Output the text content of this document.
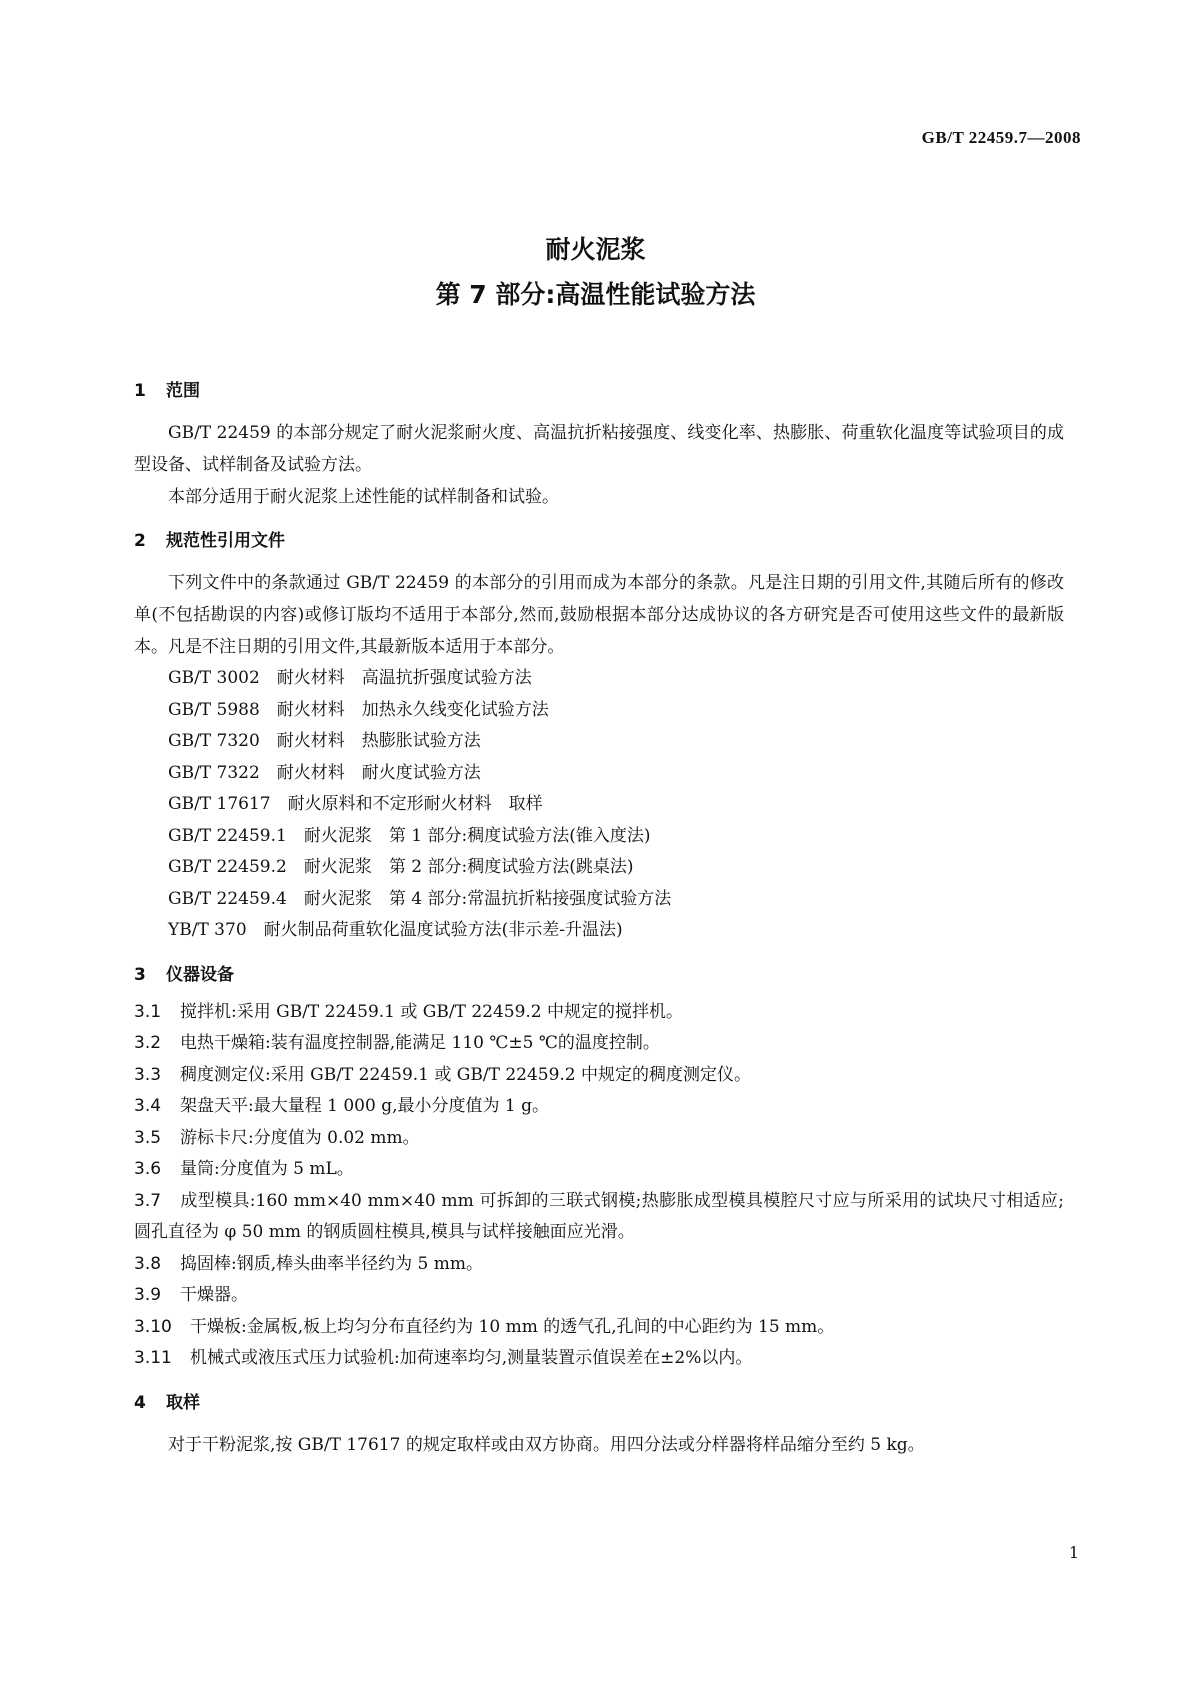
GB/T 22459.7—2008
耐火泥浆
第 7 部分:高温性能试验方法
1 范围
GB/T 22459 的本部分规定了耐火泥浆耐火度、高温抗折粘接强度、线变化率、热膨胀、荷重软化温度等试验项目的成型设备、试样制备及试验方法。
本部分适用于耐火泥浆上述性能的试样制备和试验。
2 规范性引用文件
下列文件中的条款通过 GB/T 22459 的本部分的引用而成为本部分的条款。凡是注日期的引用文件,其随后所有的修改单(不包括勘误的内容)或修订版均不适用于本部分,然而,鼓励根据本部分达成协议的各方研究是否可使用这些文件的最新版本。凡是不注日期的引用文件,其最新版本适用于本部分。
GB/T 3002　耐火材料　高温抗折强度试验方法
GB/T 5988　耐火材料　加热永久线变化试验方法
GB/T 7320　耐火材料　热膨胀试验方法
GB/T 7322　耐火材料　耐火度试验方法
GB/T 17617　耐火原料和不定形耐火材料　取样
GB/T 22459.1　耐火泥浆　第 1 部分:稠度试验方法(锥入度法)
GB/T 22459.2　耐火泥浆　第 2 部分:稠度试验方法(跳桌法)
GB/T 22459.4　耐火泥浆　第 4 部分:常温抗折粘接强度试验方法
YB/T 370　耐火制品荷重软化温度试验方法(非示差-升温法)
3 仪器设备
3.1 搅拌机:采用 GB/T 22459.1 或 GB/T 22459.2 中规定的搅拌机。
3.2 电热干燥箱:装有温度控制器,能满足 110 ℃±5 ℃的温度控制。
3.3 稠度测定仪:采用 GB/T 22459.1 或 GB/T 22459.2 中规定的稠度测定仪。
3.4 架盘天平:最大量程 1 000 g,最小分度值为 1 g。
3.5 游标卡尺:分度值为 0.02 mm。
3.6 量筒:分度值为 5 mL。
3.7 成型模具:160 mm×40 mm×40 mm 可拆卸的三联式钢模;热膨胀成型模具模腔尺寸应与所采用的试块尺寸相适应;圆孔直径为 φ 50 mm 的钢质圆柱模具,模具与试样接触面应光滑。
3.8 捣固棒:钢质,棒头曲率半径约为 5 mm。
3.9 干燥器。
3.10 干燥板:金属板,板上均匀分布直径约为 10 mm 的透气孔,孔间的中心距约为 15 mm。
3.11 机械式或液压式压力试验机:加荷速率均匀,测量装置示值误差在±2%以内。
4 取样
对于干粉泥浆,按 GB/T 17617 的规定取样或由双方协商。用四分法或分样器将样品缩分至约 5 kg。
1
